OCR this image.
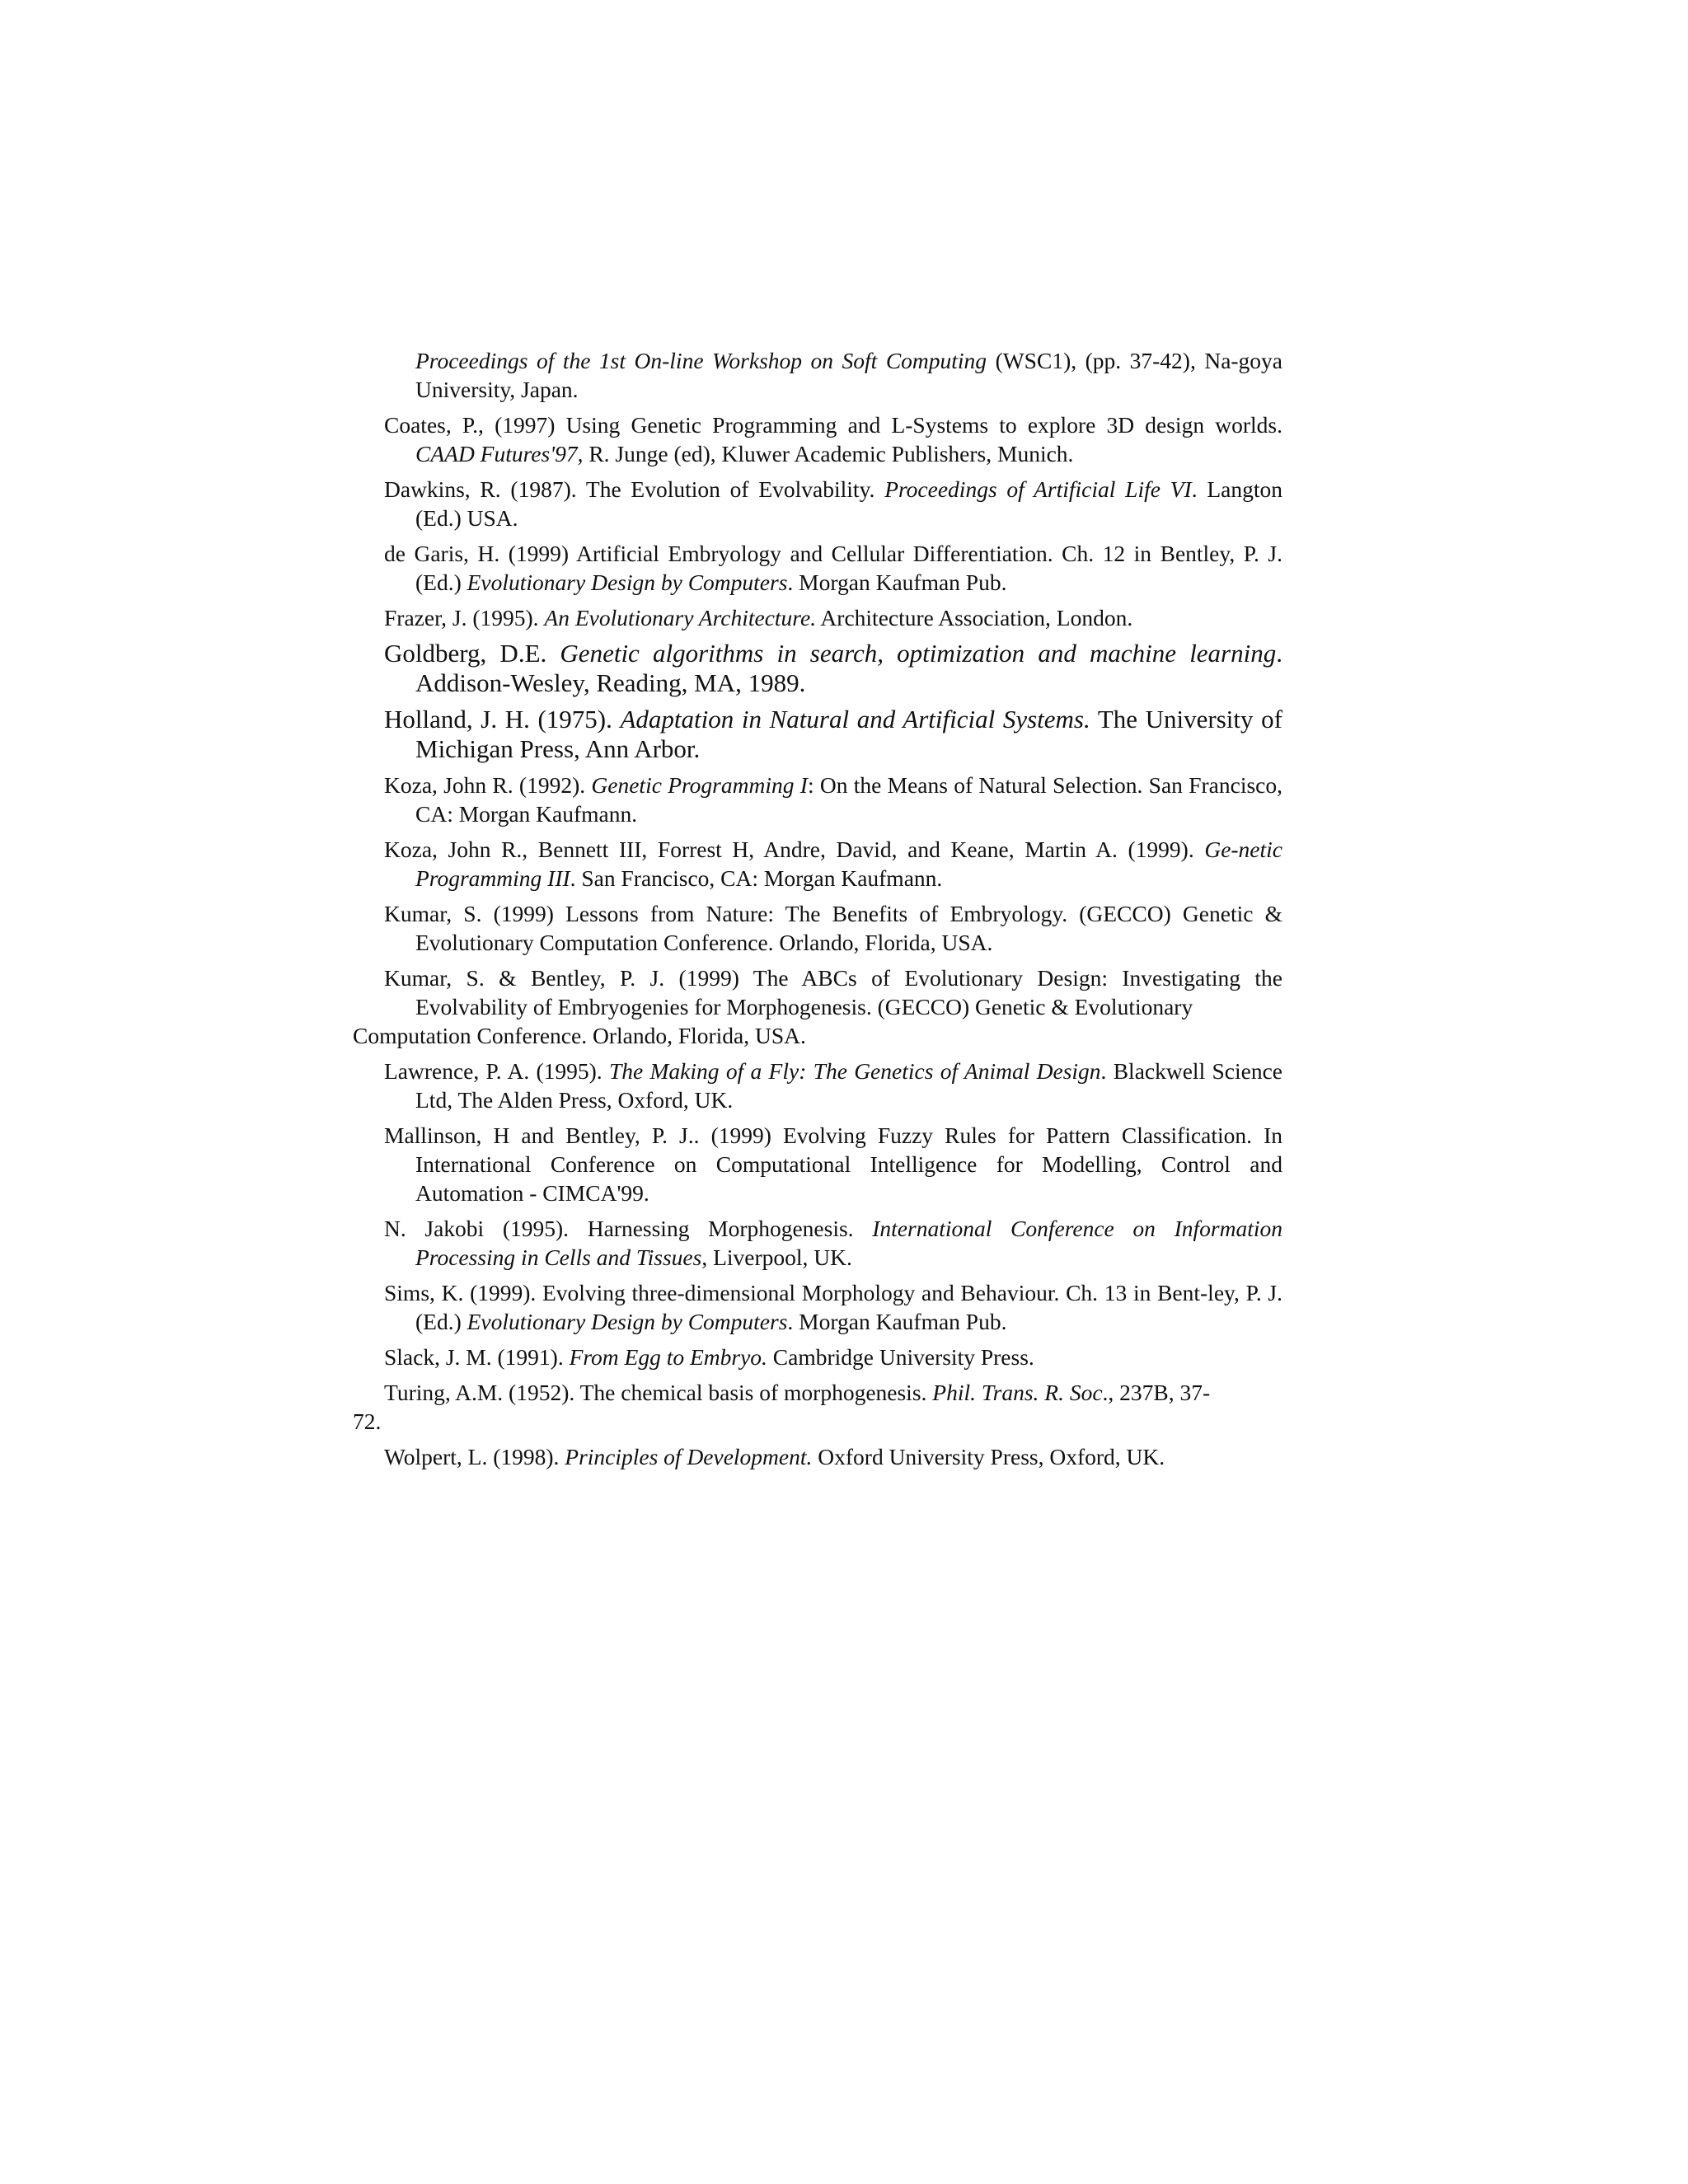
Proceedings of the 1st On-line Workshop on Soft Computing (WSC1), (pp. 37-42), Na-goya University, Japan.

Coates, P., (1997) Using Genetic Programming and L-Systems to explore 3D design worlds. CAAD Futures'97, R. Junge (ed), Kluwer Academic Publishers, Munich.

Dawkins, R. (1987). The Evolution of Evolvability. Proceedings of Artificial Life VI. Langton (Ed.) USA.

de Garis, H. (1999) Artificial Embryology and Cellular Differentiation. Ch. 12 in Bentley, P. J. (Ed.) Evolutionary Design by Computers. Morgan Kaufman Pub.

Frazer, J. (1995). An Evolutionary Architecture. Architecture Association, London.

Goldberg, D.E. Genetic algorithms in search, optimization and machine learning. Addison-Wesley, Reading, MA, 1989.

Holland, J. H. (1975). Adaptation in Natural and Artificial Systems. The University of Michigan Press, Ann Arbor.

Koza, John R. (1992). Genetic Programming I: On the Means of Natural Selection. San Francisco, CA: Morgan Kaufmann.

Koza, John R., Bennett III, Forrest H, Andre, David, and Keane, Martin A. (1999). Ge-netic Programming III. San Francisco, CA: Morgan Kaufmann.

Kumar, S. (1999) Lessons from Nature: The Benefits of Embryology. (GECCO) Genetic & Evolutionary Computation Conference. Orlando, Florida, USA.

Kumar, S. & Bentley, P. J. (1999) The ABCs of Evolutionary Design: Investigating the Evolvability of Embryogenies for Morphogenesis. (GECCO) Genetic & Evolutionary
Computation Conference. Orlando, Florida, USA.

Lawrence, P. A. (1995). The Making of a Fly: The Genetics of Animal Design. Blackwell Science Ltd, The Alden Press, Oxford, UK.

Mallinson, H and Bentley, P. J.. (1999) Evolving Fuzzy Rules for Pattern Classification. In International Conference on Computational Intelligence for Modelling, Control and Automation - CIMCA'99.

N. Jakobi (1995). Harnessing Morphogenesis. International Conference on Information Processing in Cells and Tissues, Liverpool, UK.

Sims, K. (1999). Evolving three-dimensional Morphology and Behaviour. Ch. 13 in Bent-ley, P. J. (Ed.) Evolutionary Design by Computers. Morgan Kaufman Pub.

Slack, J. M. (1991). From Egg to Embryo. Cambridge University Press.

Turing, A.M. (1952). The chemical basis of morphogenesis. Phil. Trans. R. Soc., 237B, 37-
72.

Wolpert, L. (1998). Principles of Development. Oxford University Press, Oxford, UK.
